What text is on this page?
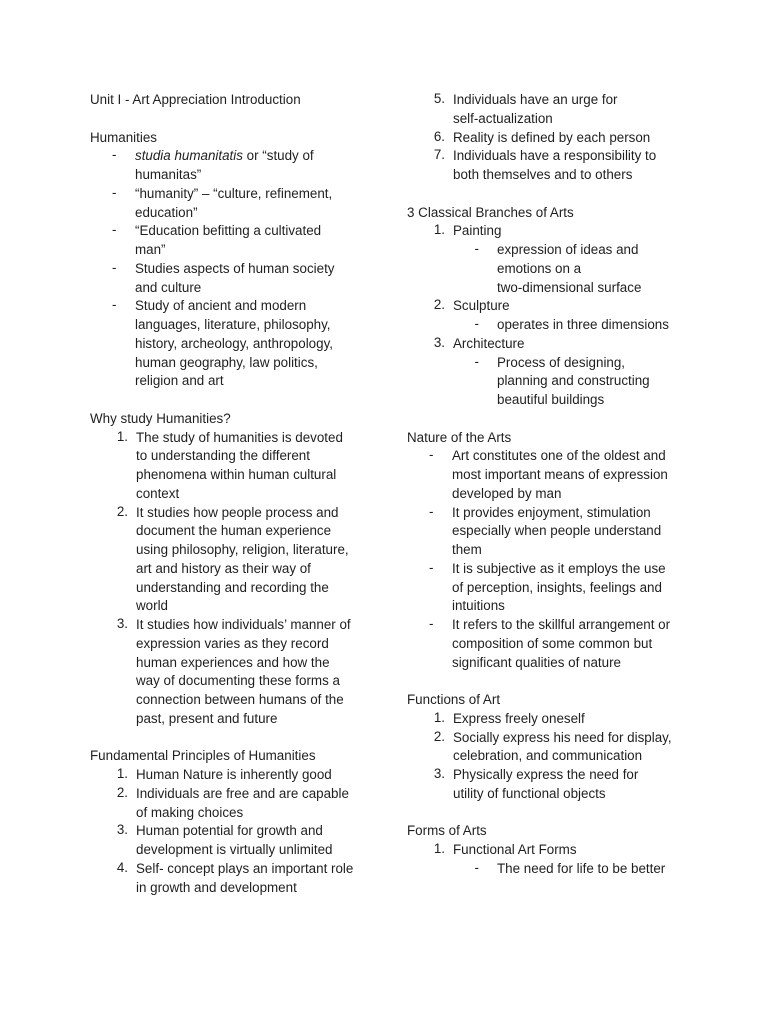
Unit I - Art Appreciation Introduction
Humanities
-	studia humanitatis or “study of
humanitas”
-	“humanity” – “culture, refinement,
education”
-	“Education befitting a cultivated
man”
-	Studies aspects of human society
and culture
-	Study of ancient and modern
languages, literature, philosophy,
history, archeology, anthropology,
human geography, law politics,
religion and art
Why study Humanities?
1. The study of humanities is devoted
to understanding the different
phenomena within human cultural
context
2. It studies how people process and
document the human experience
using philosophy, religion, literature,
art and history as their way of
understanding and recording the
world
3. It studies how individuals’ manner of
expression varies as they record
human experiences and how the
way of documenting these forms a
connection between humans of the
past, present and future
Fundamental Principles of Humanities
1. Human Nature is inherently good
2. Individuals are free and are capable
of making choices
3. Human potential for growth and
development is virtually unlimited
4. Self- concept plays an important role
in growth and development
5. Individuals have an urge for
self-actualization
6. Reality is defined by each person
7. Individuals have a responsibility to
both themselves and to others
3 Classical Branches of Arts
1. Painting
-	expression of ideas and
emotions on a
two-dimensional surface
2. Sculpture
-	operates in three dimensions
3. Architecture
-	Process of designing,
planning and constructing
beautiful buildings
Nature of the Arts
-	Art constitutes one of the oldest and
most important means of expression
developed by man
-	It provides enjoyment, stimulation
especially when people understand
them
-	It is subjective as it employs the use
of perception, insights, feelings and
intuitions
-	It refers to the skillful arrangement or
composition of some common but
significant qualities of nature
Functions of Art
1. Express freely oneself
2. Socially express his need for display,
celebration, and communication
3. Physically express the need for
utility of functional objects
Forms of Arts
1. Functional Art Forms
-	The need for life to be better
